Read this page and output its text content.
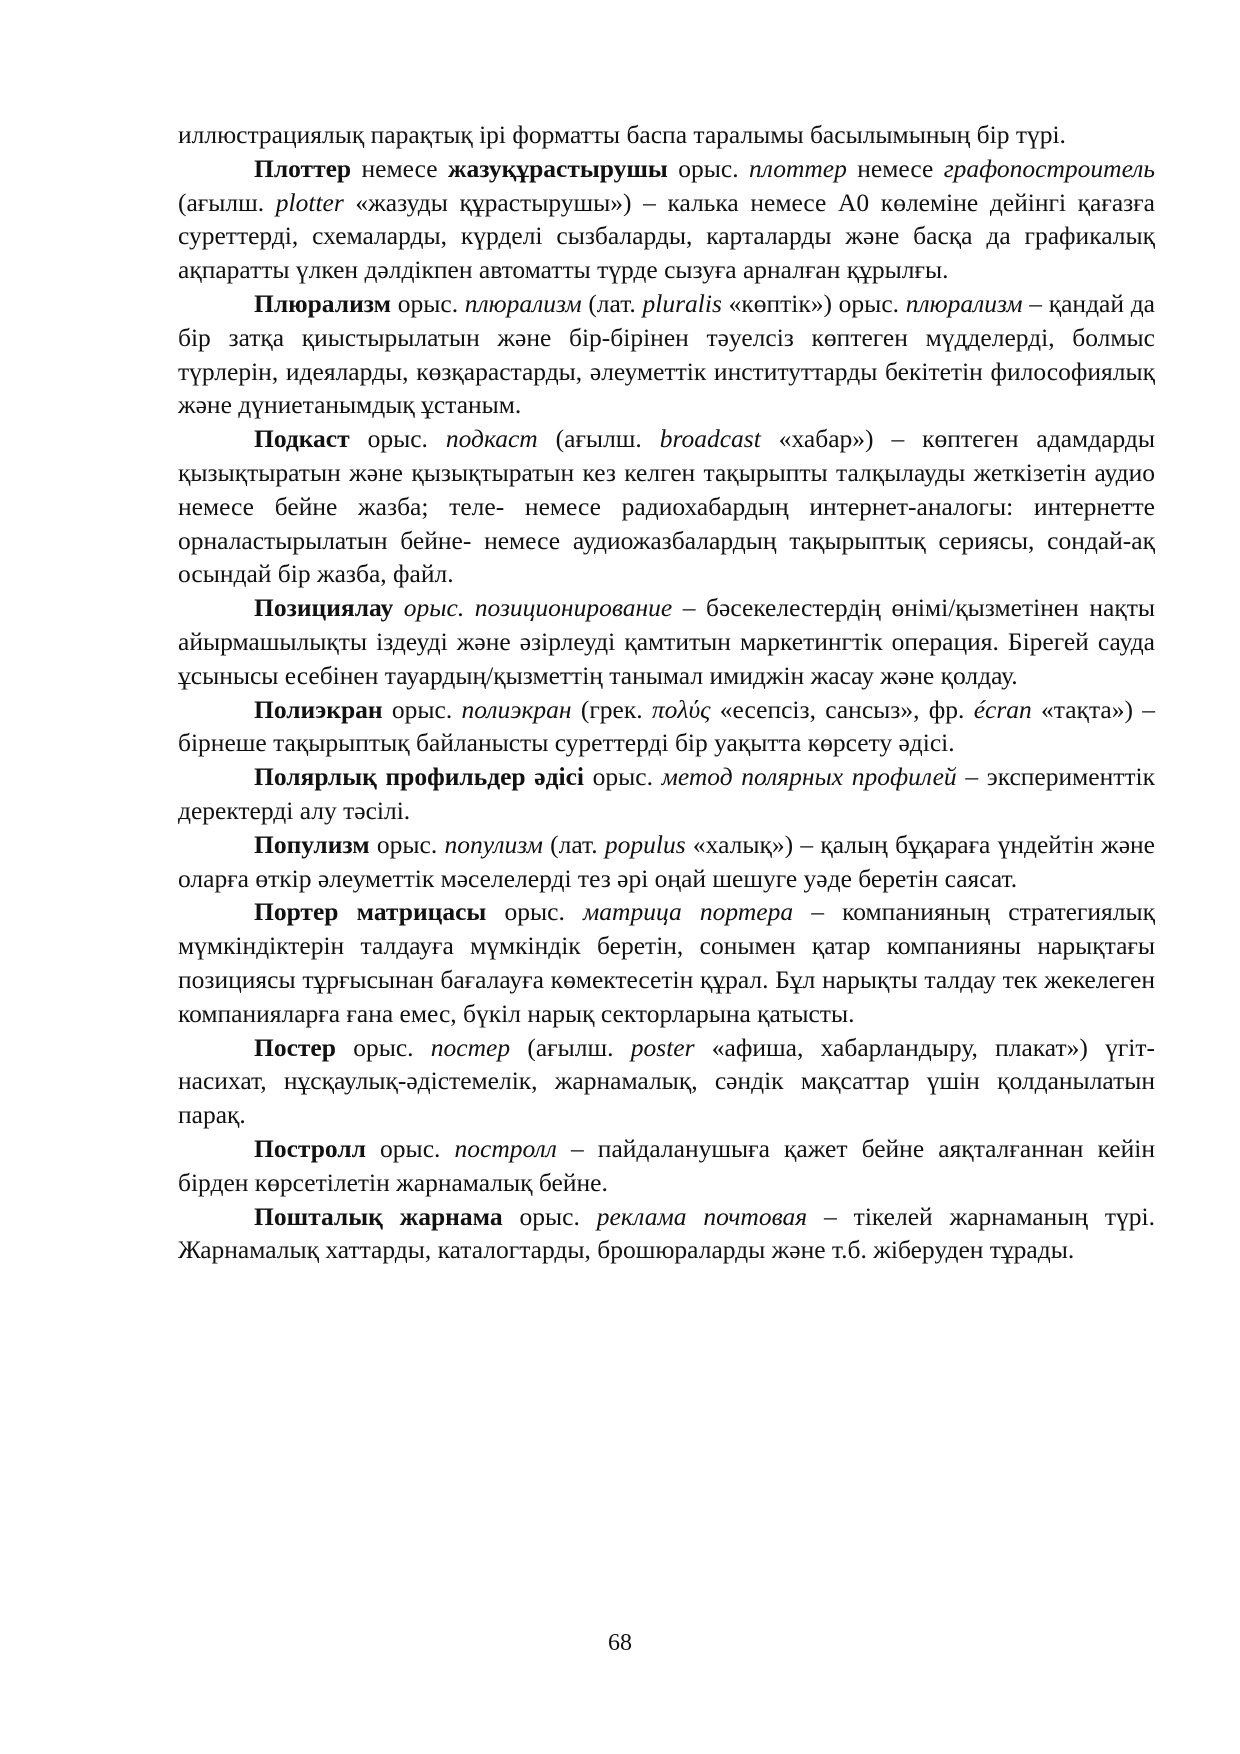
иллюстрациялық парақтық ірі форматты баспа таралымы басылымының бір түрі.

Плоттер немесе жазуқұрастырушы орыс. плоттер немесе графопостроитель (ағылш. plotter «жазуды құрастырушы») – калька немесе А0 көлеміне дейінгі қағазға суреттерді, схемаларды, күрделі сызбаларды, карталарды және басқа да графикалық ақпаратты үлкен дәлдікпен автоматты түрде сызуға арналған құрылғы.

Плюрализм орыс. плюрализм (лат. pluralis «көптік») орыс. плюрализм – қандай да бір затқа қиыстырылатын және бір-бірінен тәуелсіз көптеген мүдделерді, болмыс түрлерін, идеяларды, көзқарастарды, әлеуметтік институттарды бекітетін философиялық және дүниетанымдық ұстаным.

Подкаст орыс. подкаст (ағылш. broadcast «хабар») – көптеген адамдарды қызықтыратын және қызықтыратын кез келген тақырыпты талқылауды жеткізетін аудио немесе бейне жазба; теле- немесе радиохабардың интернет-аналогы: интернетте орналастырылатын бейне- немесе аудиожазбалардың тақырыптық сериясы, сондай-ақ осындай бір жазба, файл.

Позициялау орыс. позиционирование – бәсекелестердің өнімі/қызметінен нақты айырмашылықты іздеуді және әзірлеуді қамтитын маркетингтік операция. Бірегей сауда ұсынысы есебінен тауардың/қызметтің танымал имиджін жасау және қолдау.

Полиэкран орыс. полиэкран (грек. πολύς «есепсіз, сансыз», фр. écran «тақта») – бірнеше тақырыптық байланысты суреттерді бір уақытта көрсету әдісі.

Полярлық профильдер әдісі орыс. метод полярных профилей – эксперименттік деректерді алу тәсілі.

Популизм орыс. популизм (лат. populus «халық») – қалың бұқараға үндейтін және оларға өткір әлеуметтік мәселелерді тез әрі оңай шешуге уәде беретін саясат.

Портер матрицасы орыс. матрица портера – компанияның стратегиялық мүмкіндіктерін талдауға мүмкіндік беретін, сонымен қатар компанияны нарықтағы позициясы тұрғысынан бағалауға көмектесетін құрал. Бұл нарықты талдау тек жекелеген компанияларға ғана емес, бүкіл нарық секторларына қатысты.

Постер орыс. постер (ағылш. poster «афиша, хабарландыру, плакат») үгіт-насихат, нұсқаулық-әдістемелік, жарнамалық, сәндік мақсаттар үшін қолданылатын парақ.

Постролл орыс. постролл – пайдаланушыға қажет бейне аяқталғаннан кейін бірден көрсетілетін жарнамалық бейне.

Пошталық жарнама орыс. реклама почтовая – тікелей жарнаманың түрі. Жарнамалық хаттарды, каталогтарды, брошюраларды және т.б. жіберуден тұрады.

68
